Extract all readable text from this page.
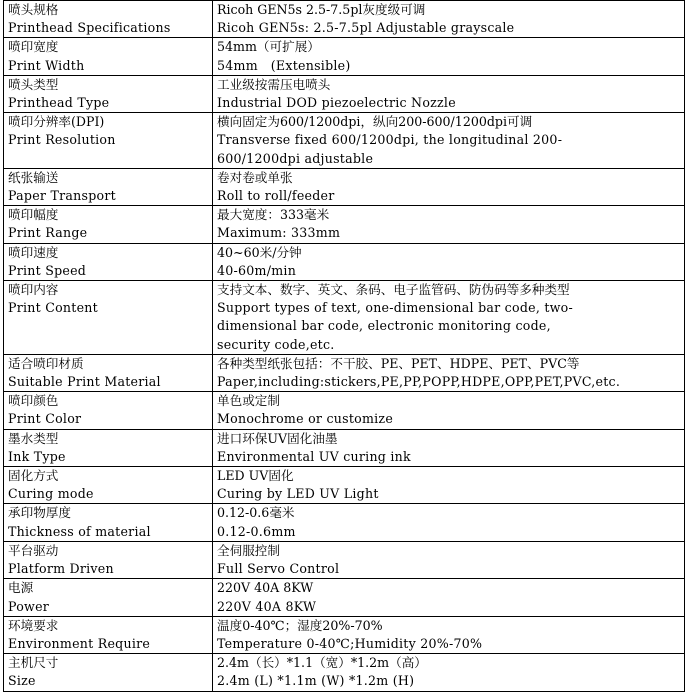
喷头规格
Printhead Specifications	Ricoh GEN5s 2.5-7.5pl灰度级可调
Ricoh GEN5s: 2.5-7.5pl Adjustable grayscale

喷印宽度
Print Width	54mm（可扩展）
54mm　(Extensible)

喷头类型
Printhead Type	工业级按需压电喷头
Industrial DOD piezoelectric Nozzle

喷印分辨率(DPI)
Print Resolution	横向固定为600/1200dpi，纵向200-600/1200dpi可调
Transverse fixed 600/1200dpi, the longitudinal 200-
600/1200dpi adjustable

纸张输送
Paper Transport	卷对卷或单张
Roll to roll/feeder

喷印幅度
Print Range	最大宽度：333毫米
Maximum: 333mm

喷印速度
Print Speed	40~60米/分钟
40-60m/min

喷印内容
Print Content	支持文本、数字、英文、条码、电子监管码、防伪码等多种类型
Support types of text, one-dimensional bar code, two-
dimensional bar code, electronic monitoring code,
security code,etc.

适合喷印材质
Suitable Print Material	各种类型纸张包括：不干胶、PE、PET、HDPE、PET、PVC等
Paper,including:stickers,PE,PP,POPP,HDPE,OPP,PET,PVC,etc.

喷印颜色
Print Color	单色或定制
Monochrome or customize

墨水类型
Ink Type	进口环保UV固化油墨
Environmental UV curing ink

固化方式
Curing mode	LED UV固化
Curing by LED UV Light

承印物厚度
Thickness of material	0.12-0.6毫米
0.12-0.6mm

平台驱动
Platform Driven	全伺服控制
Full Servo Control

电源
Power	220V 40A 8KW
220V 40A 8KW

环境要求
Environment Require	温度0-40℃；湿度20%-70%
Temperature 0-40℃;Humidity 20%-70%

主机尺寸
Size	2.4m（长）*1.1（宽）*1.2m（高）
2.4m (L) *1.1m (W) *1.2m (H)
